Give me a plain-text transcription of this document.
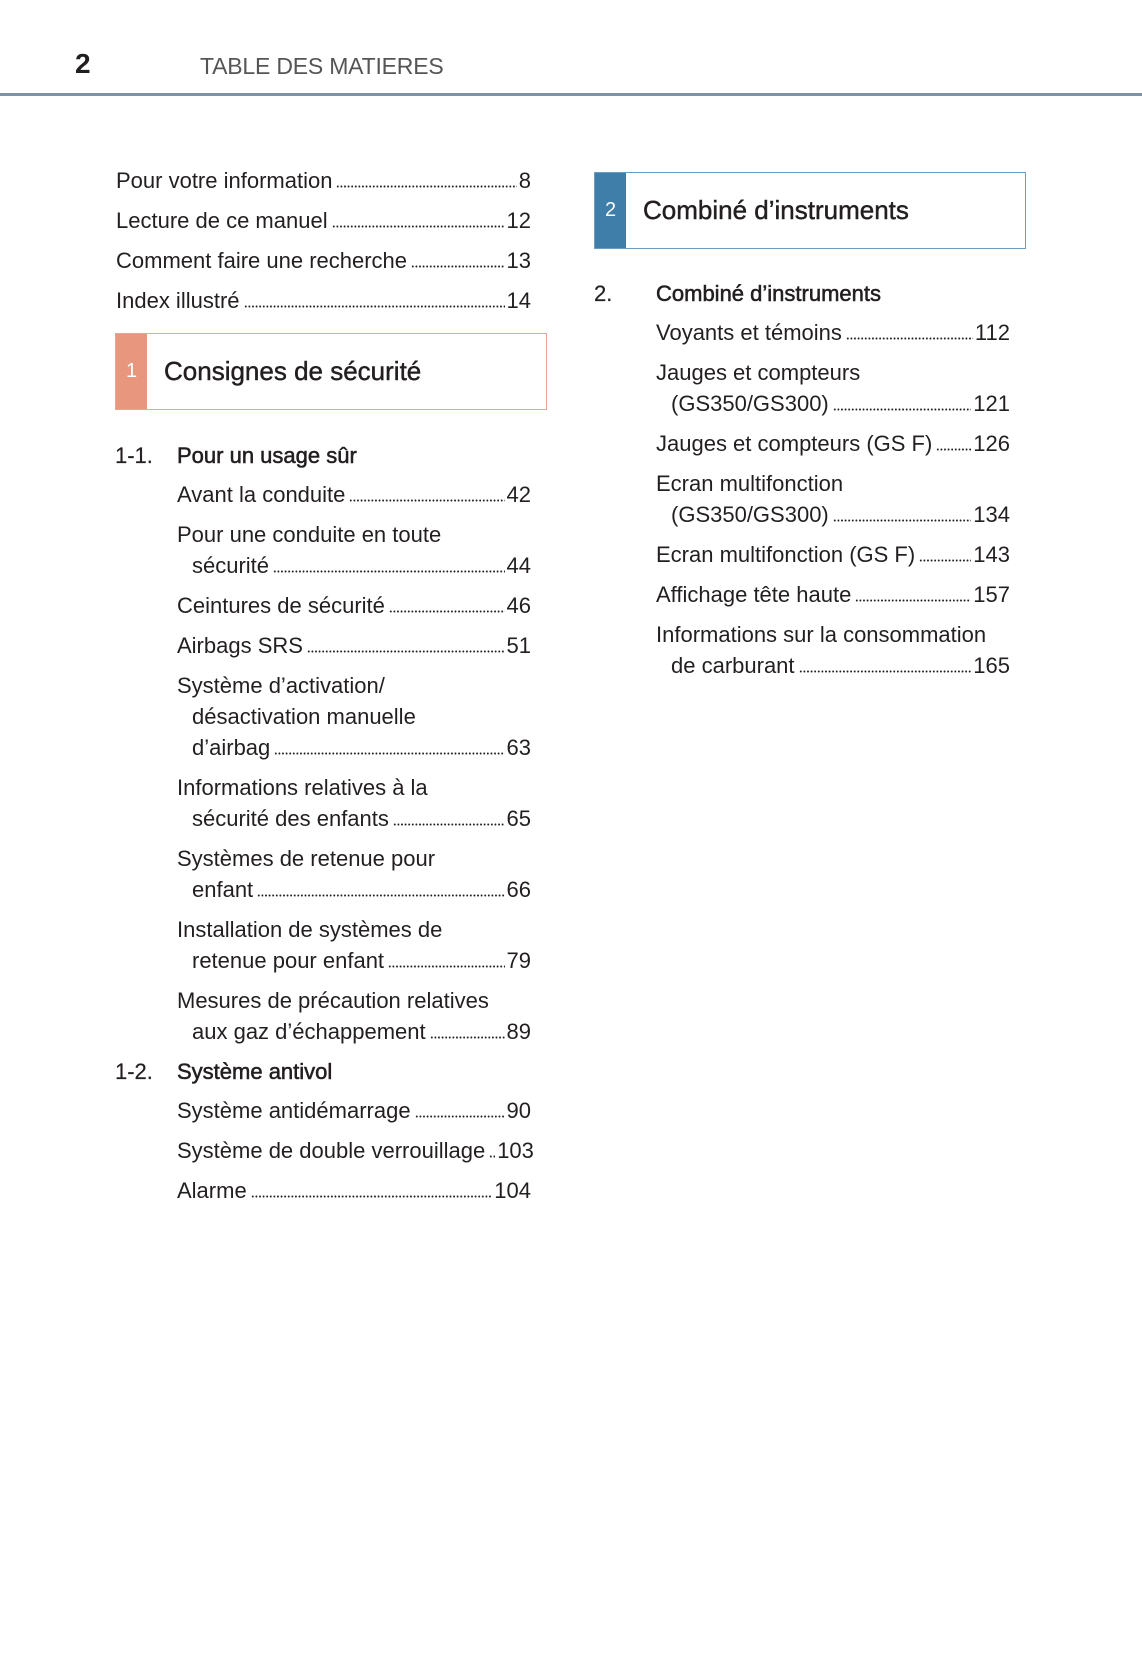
2	TABLE DES MATIERES
Pour votre information	8
Lecture de ce manuel	12
Comment faire une recherche	13
Index illustré	14
1	Consignes de sécurité
1-1.	Pour un usage sûr
Avant la conduite	42
Pour une conduite en toute
sécurité	44
Ceintures de sécurité	46
Airbags SRS	51
Système d’activation/
désactivation manuelle
d’airbag	63
Informations relatives à la
sécurité des enfants	65
Systèmes de retenue pour
enfant	66
Installation de systèmes de
retenue pour enfant	79
Mesures de précaution relatives
aux gaz d’échappement	89
1-2.	Système antivol
Système antidémarrage	90
Système de double verrouillage 103
Alarme	104
2	Combiné d’instruments
2.	Combiné d’instruments
Voyants et témoins	112
Jauges et compteurs
(GS350/GS300)	121
Jauges et compteurs (GS F) 126
Ecran multifonction
(GS350/GS300)	134
Ecran multifonction (GS F)	143
Affichage tête haute	157
Informations sur la consommation
de carburant	165
